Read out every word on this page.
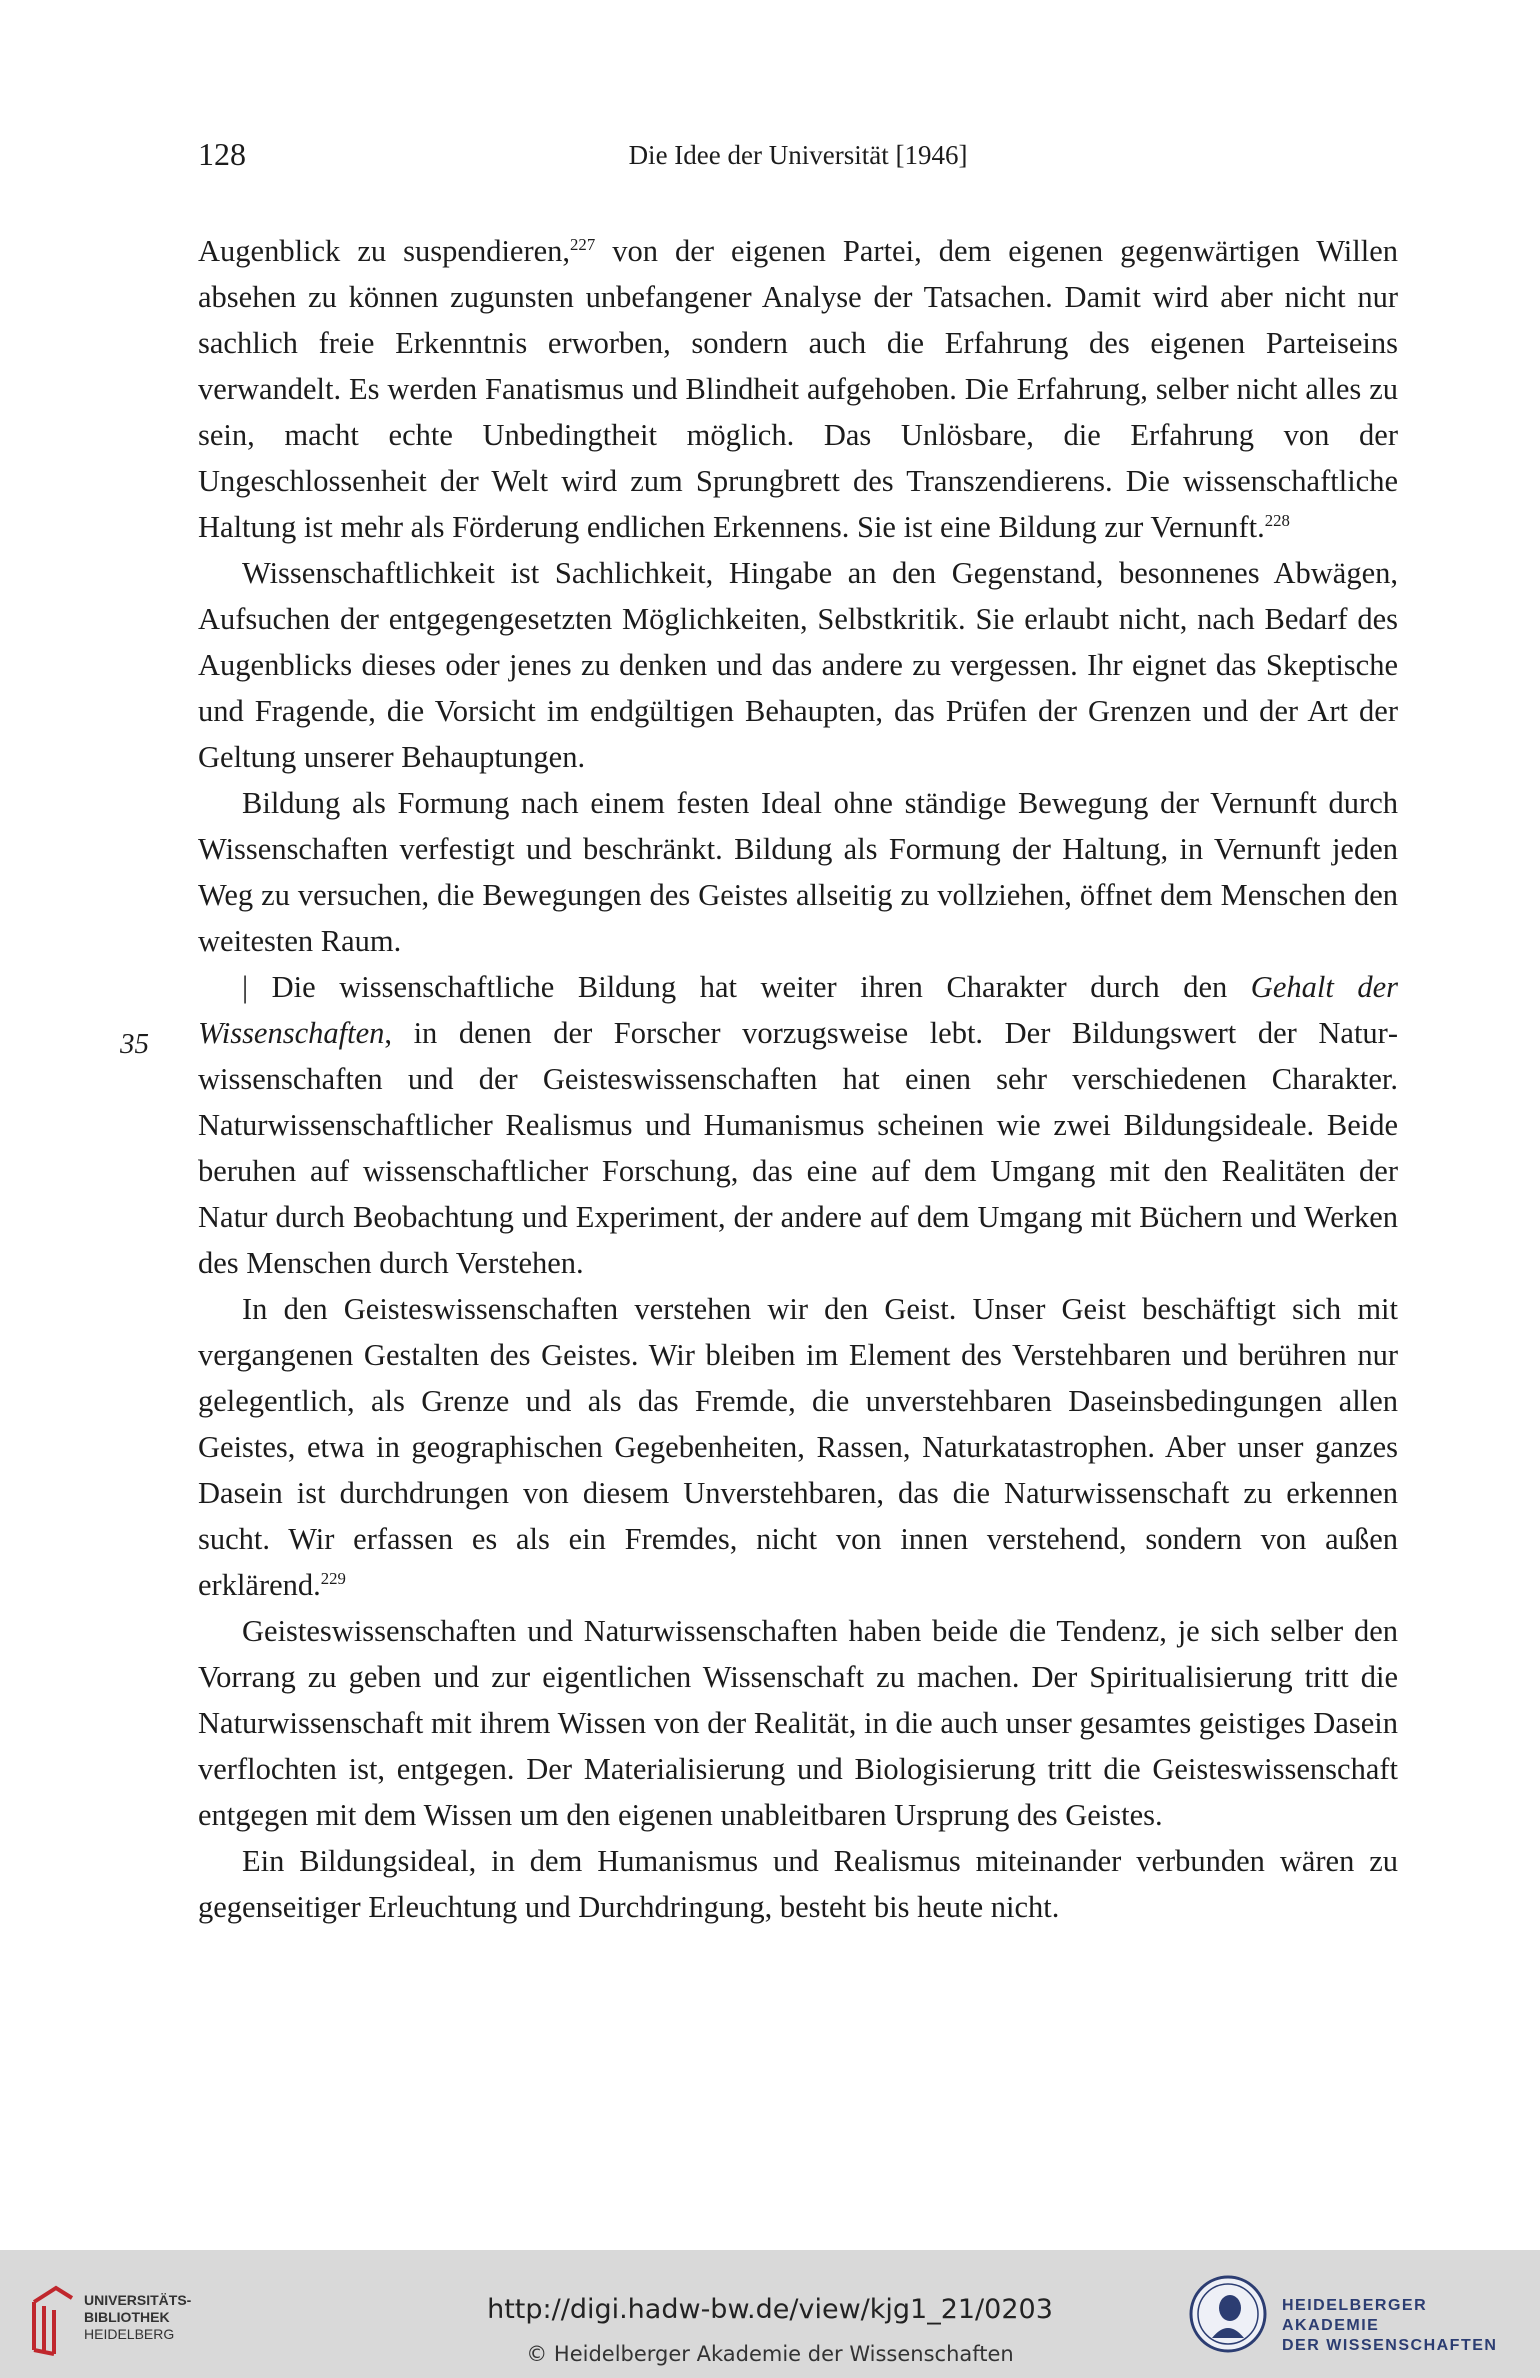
128	Die Idee der Universität [1946]
35

Augenblick zu suspendieren,$^{227}$ von der eigenen Partei, dem eigenen gegenwärtigen Willen absehen zu können zugunsten unbefangener Analyse der Tatsachen. Damit wird aber nicht nur sachlich freie Erkenntnis erworben, sondern auch die Erfahrung des eigenen Parteiseins verwandelt. Es werden Fanatismus und Blindheit aufgehoben. Die Erfahrung, selber nicht alles zu sein, macht echte Unbedingtheit möglich. Das Unlösbare, die Erfahrung von der Ungeschlossenheit der Welt wird zum Sprungbrett des Transzendierens. Die wissenschaftliche Haltung ist mehr als Förderung endlichen Erkennens. Sie ist eine Bildung zur Vernunft.$^{228}$

Wissenschaftlichkeit ist Sachlichkeit, Hingabe an den Gegenstand, besonnenes Abwägen, Aufsuchen der entgegengesetzten Möglichkeiten, Selbstkritik. Sie erlaubt nicht, nach Bedarf des Augenblicks dieses oder jenes zu denken und das andere zu vergessen. Ihr eignet das Skeptische und Fragende, die Vorsicht im endgültigen Behaupten, das Prüfen der Grenzen und der Art der Geltung unserer Behauptungen.

Bildung als Formung nach einem festen Ideal ohne ständige Bewegung der Vernunft durch Wissenschaften verfestigt und beschränkt. Bildung als Formung der Haltung, in Vernunft jeden Weg zu versuchen, die Bewegungen des Geistes allseitig zu vollziehen, öffnet dem Menschen den weitesten Raum.

| Die wissenschaftliche Bildung hat weiter ihren Charakter durch den Gehalt der Wissenschaften, in denen der Forscher vorzugsweise lebt. Der Bildungswert der Naturwissenschaften und der Geisteswissenschaften hat einen sehr verschiedenen Charakter. Naturwissenschaftlicher Realismus und Humanismus scheinen wie zwei Bildungsideale. Beide beruhen auf wissenschaftlicher Forschung, das eine auf dem Umgang mit den Realitäten der Natur durch Beobachtung und Experiment, der andere auf dem Umgang mit Büchern und Werken des Menschen durch Verstehen.

In den Geisteswissenschaften verstehen wir den Geist. Unser Geist beschäftigt sich mit vergangenen Gestalten des Geistes. Wir bleiben im Element des Verstehbaren und berühren nur gelegentlich, als Grenze und als das Fremde, die unverstehbaren Daseinsbedingungen allen Geistes, etwa in geographischen Gegebenheiten, Rassen, Naturkatastrophen. Aber unser ganzes Dasein ist durchdrungen von diesem Unverstehbaren, das die Naturwissenschaft zu erkennen sucht. Wir erfassen es als ein Fremdes, nicht von innen verstehend, sondern von außen erklärend.$^{229}$

Geisteswissenschaften und Naturwissenschaften haben beide die Tendenz, je sich selber den Vorrang zu geben und zur eigentlichen Wissenschaft zu machen. Der Spiritualisierung tritt die Naturwissenschaft mit ihrem Wissen von der Realität, in die auch unser gesamtes geistiges Dasein verflochten ist, entgegen. Der Materialisierung und Biologisierung tritt die Geisteswissenschaft entgegen mit dem Wissen um den eigenen unableitbaren Ursprung des Geistes.

Ein Bildungsideal, in dem Humanismus und Realismus miteinander verbunden wären zu gegenseitiger Erleuchtung und Durchdringung, besteht bis heute nicht.

UNIVERSITÄTS-
BIBLIOTHEK
HEIDELBERG
http://digi.hadw-bw.de/view/kjg1_21/0203
© Heidelberger Akademie der Wissenschaften
HEIDELBERGER AKADEMIE
DER WISSENSCHAFTEN
